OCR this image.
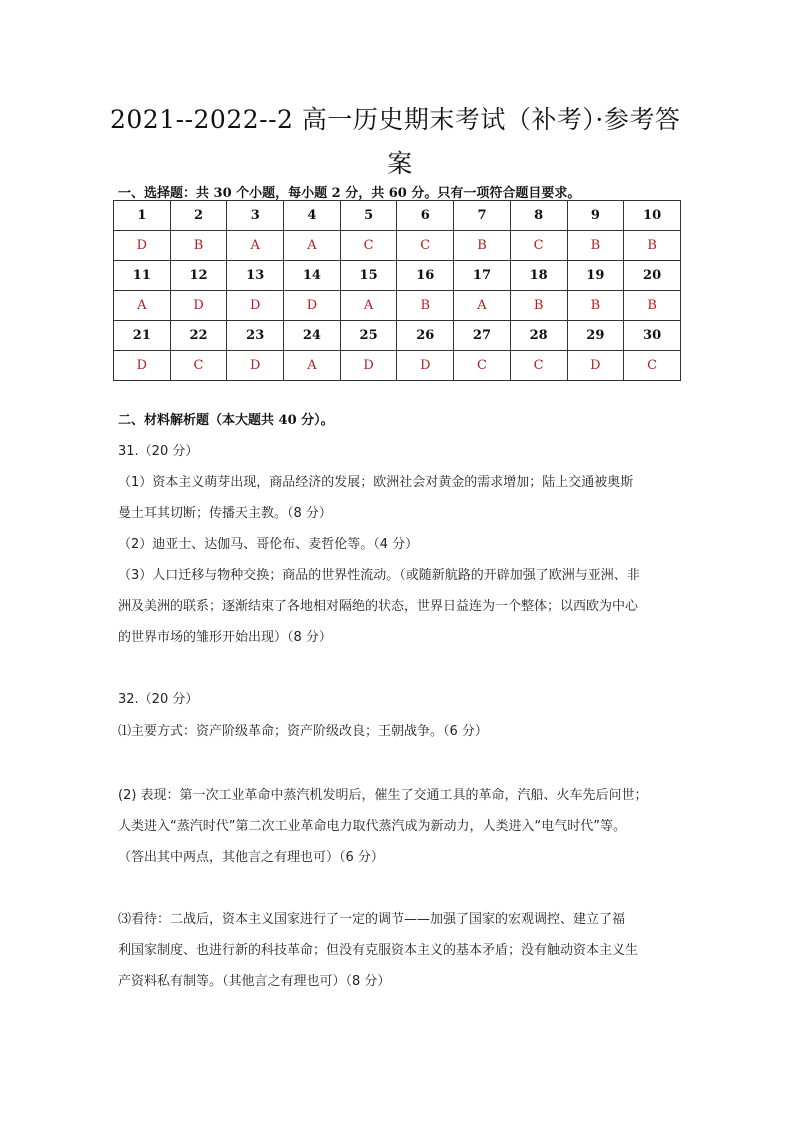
2021--2022--2 高一历史期末考试（补考）·参考答
案
一、选择题：共 30 个小题，每小题 2 分，共 60 分。只有一项符合题目要求。
1	2	3	4	5	6	7	8	9	10
D	B	A	A	C	C	B	C	B	B
11	12	13	14	15	16	17	18	19	20
A	D	D	D	A	B	A	B	B	B
21	22	23	24	25	26	27	28	29	30
D	C	D	A	D	D	C	C	D	C
二、材料解析题（本大题共 40 分）。
31.（20 分）
（1）资本主义萌芽出现，商品经济的发展；欧洲社会对黄金的需求增加；陆上交通被奥斯
曼土耳其切断；传播天主教。（8 分）
（2）迪亚士、达伽马、哥伦布、麦哲伦等。（4 分）
（3）人口迁移与物种交换；商品的世界性流动。（或随新航路的开辟加强了欧洲与亚洲、非
洲及美洲的联系；逐渐结束了各地相对隔绝的状态，世界日益连为一个整体；以西欧为中心
的世界市场的雏形开始出现）（8 分）
32.（20 分）
⑴主要方式：资产阶级革命；资产阶级改良；王朝战争。（6 分）
(2) 表现：第一次工业革命中蒸汽机发明后，催生了交通工具的革命，汽船、火车先后问世；
人类进入“蒸汽时代”第二次工业革命电力取代蒸汽成为新动力，人类进入“电气时代”等。
（答出其中两点，其他言之有理也可）（6 分）
⑶看待：二战后，资本主义国家进行了一定的调节——加强了国家的宏观调控、建立了福
利国家制度、也进行新的科技革命；但没有克服资本主义的基本矛盾；没有触动资本主义生
产资料私有制等。（其他言之有理也可）（8 分）
